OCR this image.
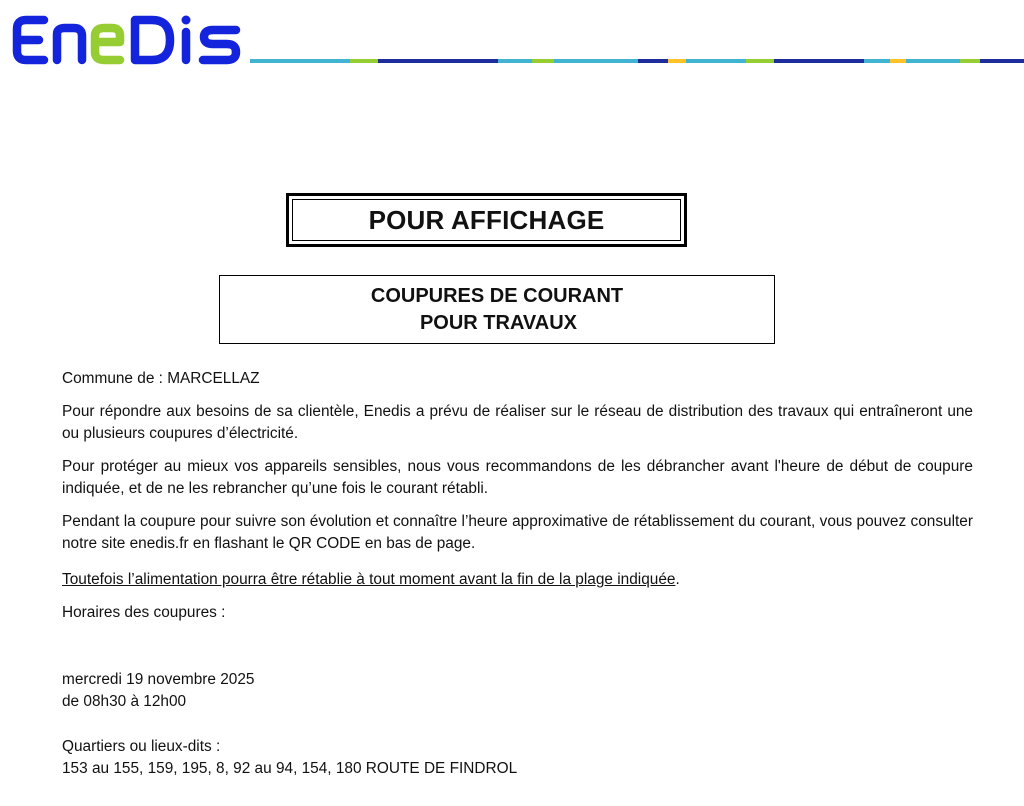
POUR AFFICHAGE
COUPURES DE COURANT
POUR TRAVAUX
Commune de : MARCELLAZ
Pour répondre aux besoins de sa clientèle, Enedis a prévu de réaliser sur le réseau de distribution des travaux qui entraîneront une ou plusieurs coupures d’électricité.
Pour protéger au mieux vos appareils sensibles, nous vous recommandons de les débrancher avant l'heure de début de coupure indiquée, et de ne les rebrancher qu’une fois le courant rétabli.
Pendant la coupure pour suivre son évolution et connaître l’heure approximative de rétablissement du courant, vous pouvez consulter notre site enedis.fr en flashant le QR CODE en bas de page.
Toutefois l’alimentation pourra être rétablie à tout moment avant la fin de la plage indiquée.
Horaires des coupures :
mercredi 19 novembre 2025
de 08h30 à 12h00
Quartiers ou lieux-dits :
153 au 155, 159, 195, 8, 92 au 94, 154, 180 ROUTE DE FINDROL
